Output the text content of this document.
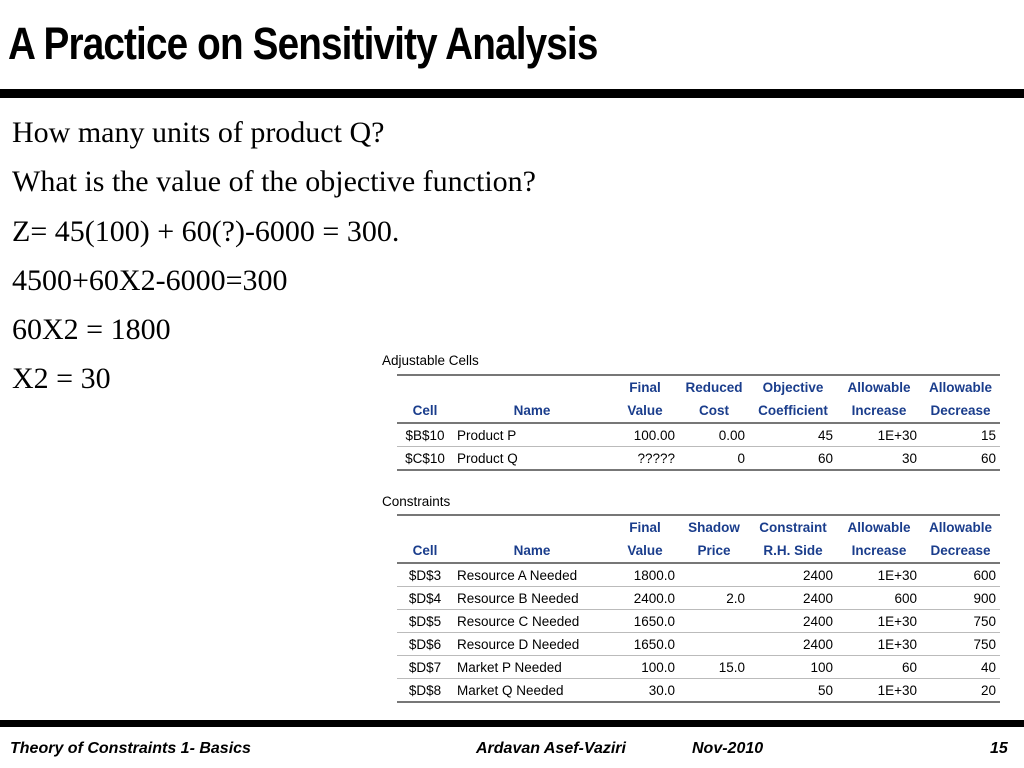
A Practice on Sensitivity Analysis
How many units of product Q?
What is the value of the objective function?
Z= 45(100) + 60(?)-6000 = 300.
4500+60X2-6000=300
60X2 = 1800
X2 = 30
Adjustable Cells
		Final	Reduced	Objective	Allowable	Allowable
Cell	Name	Value	Cost	Coefficient	Increase	Decrease
$B$10	Product P	100.00	0.00	45	1E+30	15
$C$10	Product Q	?????	0	60	30	60
Constraints
		Final	Shadow	Constraint	Allowable	Allowable
Cell	Name	Value	Price	R.H. Side	Increase	Decrease
$D$3	Resource A Needed	1800.0		2400	1E+30	600
$D$4	Resource B Needed	2400.0	2.0	2400	600	900
$D$5	Resource C Needed	1650.0		2400	1E+30	750
$D$6	Resource D Needed	1650.0		2400	1E+30	750
$D$7	Market P Needed	100.0	15.0	100	60	40
$D$8	Market Q Needed	30.0		50	1E+30	20
Theory of Constraints 1- Basics	Ardavan Asef-Vaziri	Nov-2010	15
